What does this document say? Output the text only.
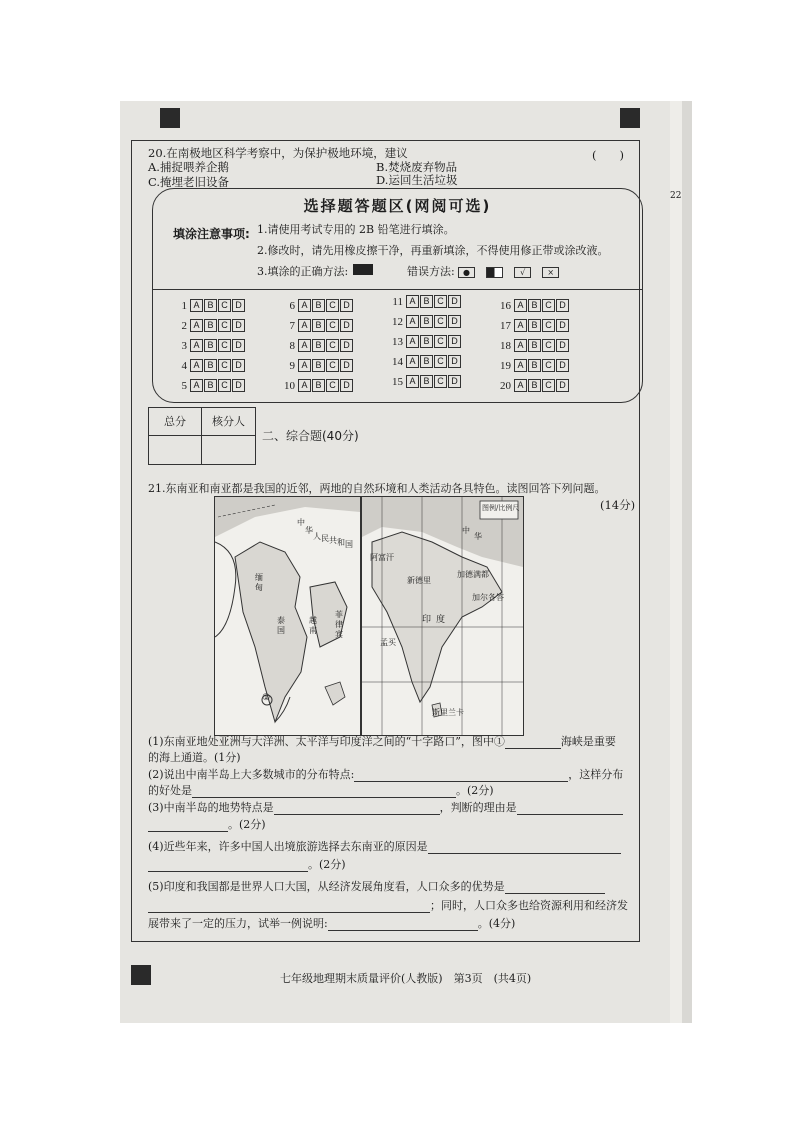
20.在南极地区科学考察中，为保护极地环境，建议	(　　)
A.捕捉喂养企鹅	B.焚烧废弃物品
C.掩埋老旧设备	D.运回生活垃圾
选择题答题区(网阅可选)
填涂注意事项: 1.请使用考试专用的 2B 铅笔进行填涂。
2.修改时，请先用橡皮擦干净，再重新填涂，不得使用修正带或涂改液。
3.填涂的正确方法:	错误方法:	●	√	×
1 A B C D
2 A B C D
3 A B C D
4 A B C D
5 A B C D
6 A B C D
7 A B C D
8 A B C D
9 A B C D
10 A B C D
11 A B C D
12 A B C D
13 A B C D
14 A B C D
15 A B C D
16 A B C D
17 A B C D
18 A B C D
19 A B C D
20 A B C D
总分	核分人
二、综合题(40分)
21.东南亚和南亚都是我国的近邻，两地的自然环境和人类活动各具特色。读图回答下列问题。
(14分)
中
华
人 民 共 和 国
泰
国
越
南
菲
律
宾
缅
甸
①
图例/比例尺
中
华
新德里
加德满都
加尔各答
印 度
孟买
斯里兰卡
阿富汗
(1)东南亚地处亚洲与大洋洲、太平洋与印度洋之间的“十字路口”，图中①	海峡是重要
的海上通道。(1分)
(2)说出中南半岛上大多数城市的分布特点:	，这样分布
的好处是	。(2分)
(3)中南半岛的地势特点是	，判断的理由是
。(2分)
(4)近些年来，许多中国人出境旅游选择去东南亚的原因是
。(2分)
(5)印度和我国都是世界人口大国，从经济发展角度看，人口众多的优势是
；同时，人口众多也给资源利用和经济发
展带来了一定的压力，试举一例说明:	。(4分)
七年级地理期末质量评价(人教版)　第3页　(共4页)
22
